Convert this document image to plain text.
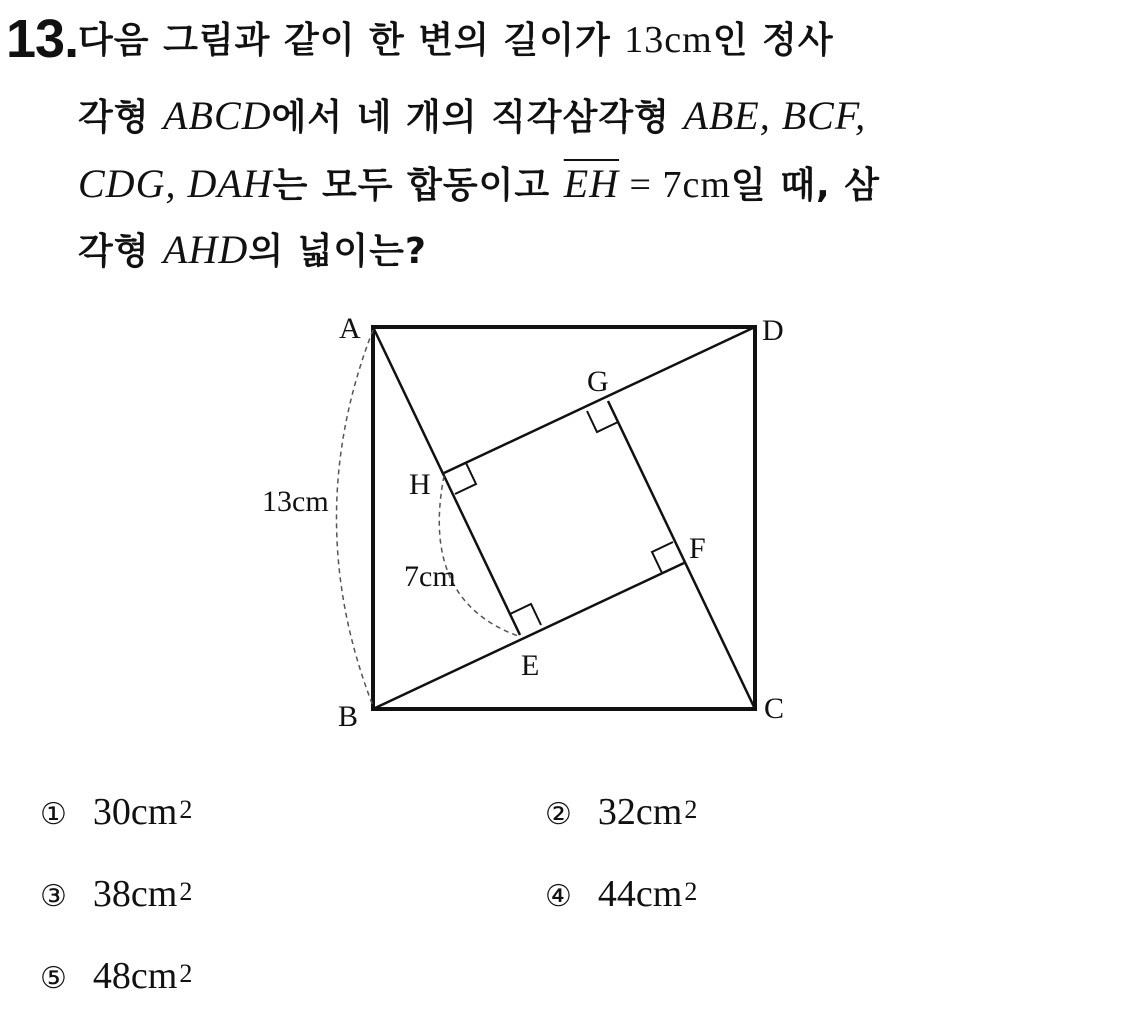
13. 다음 그림과 같이 한 변의 길이가 13cm인 정사
각형 ABCD에서 네 개의 직각삼각형 ABE, BCF,
CDG, DAH는 모두 합동이고 $\overline{EH} = 7cm$일 때, 삼
각형 AHD의 넓이는?
A	D
B	C
G
H
F
E
13cm
7cm
① $30cm^2$	② $32cm^2$
③ $38cm^2$	④ $44cm^2$
⑤ $48cm^2$
